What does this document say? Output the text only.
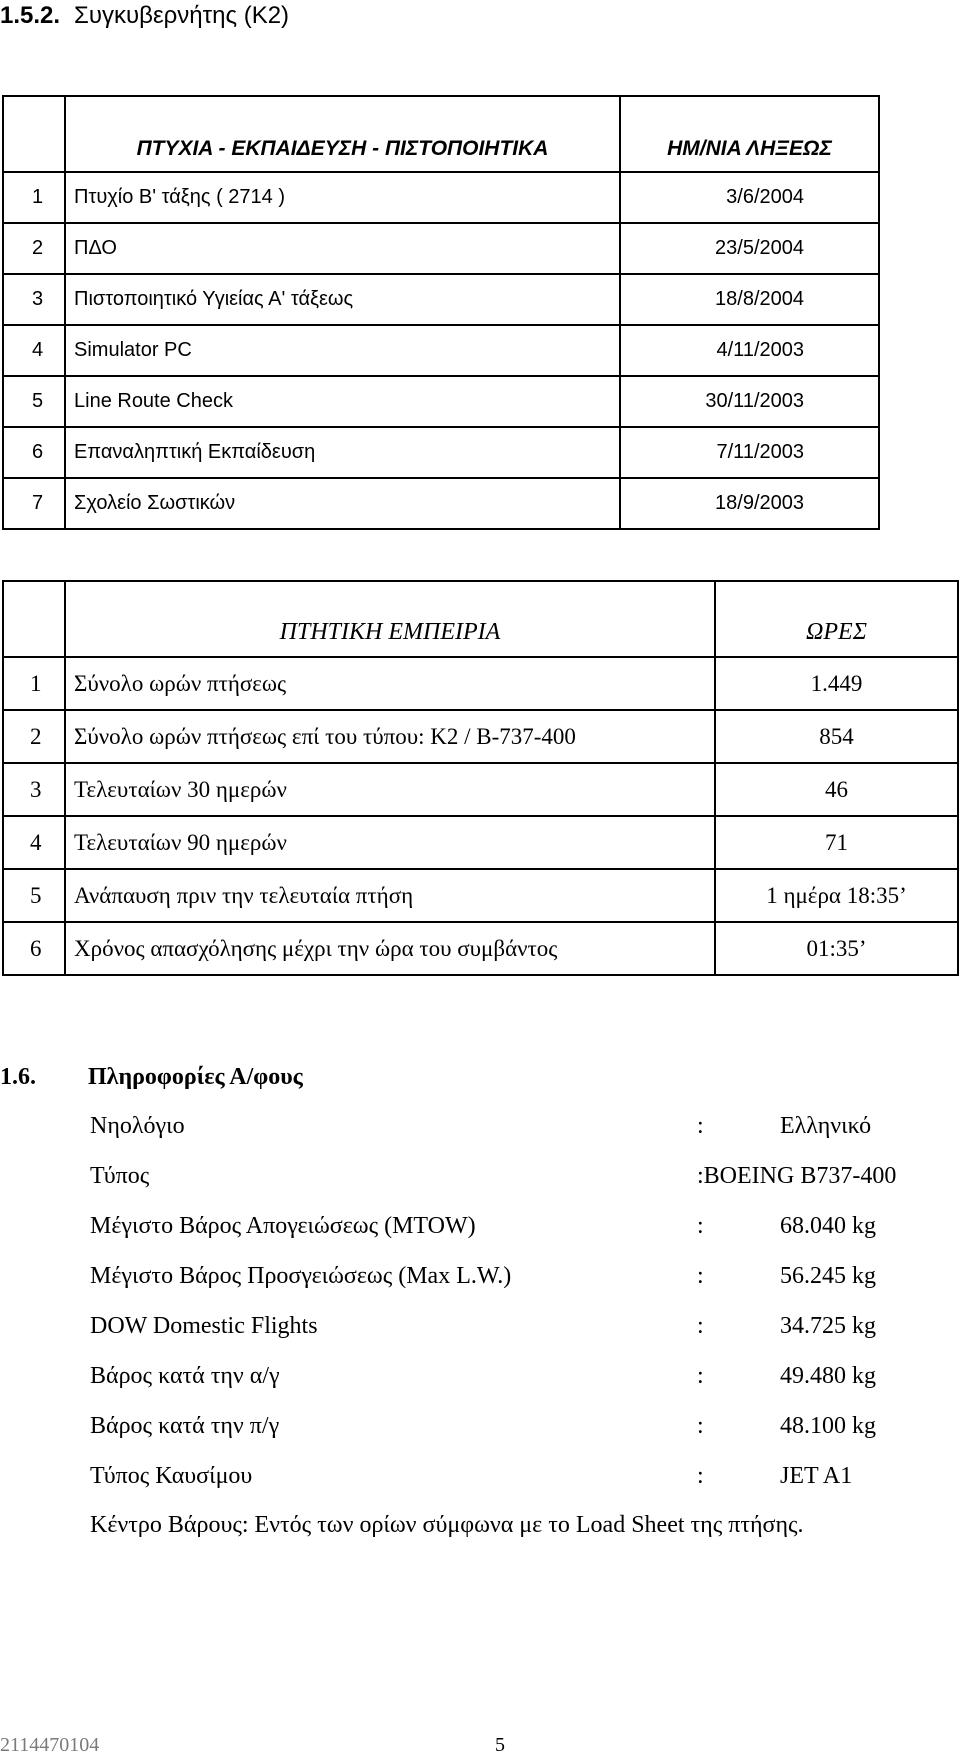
1.5.2. Συγκυβερνήτης (Κ2)
	ΠΤΥΧΙΑ - ΕΚΠΑΙΔΕΥΣΗ - ΠΙΣΤΟΠΟΙΗΤΙΚΑ	ΗΜ/ΝΙΑ ΛΗΞΕΩΣ
1	Πτυχίο Β' τάξης ( 2714 )	3/6/2004
2	ΠΔΟ	23/5/2004
3	Πιστοποιητικό Υγιείας Α' τάξεως	18/8/2004
4	Simulator PC	4/11/2003
5	Line Route Check	30/11/2003
6	Επαναληπτική Εκπαίδευση	7/11/2003
7	Σχολείο Σωστικών	18/9/2003
	ΠΤΗΤΙΚΗ ΕΜΠΕΙΡΙΑ	ΩΡΕΣ
1	Σύνολο ωρών πτήσεως	1.449
2	Σύνολο ωρών πτήσεως επί του τύπου: Κ2 / Β-737-400	854
3	Τελευταίων 30 ημερών	46
4	Τελευταίων 90 ημερών	71
5	Ανάπαυση πριν την τελευταία πτήση	1 ημέρα 18:35’
6	Χρόνος απασχόλησης μέχρι την ώρα του συμβάντος	01:35’
1.6. Πληροφορίες Α/φους
Νηολόγιο	:	Ελληνικό
Τύπος	:BOEING B737-400
Μέγιστο Βάρος Απογειώσεως (MTOW)	:	68.040 kg
Μέγιστο Βάρος Προσγειώσεως (Max L.W.)	:	56.245 kg
DOW Domestic Flights	:	34.725 kg
Βάρος κατά την α/γ	:	49.480 kg
Βάρος κατά την π/γ	:	48.100 kg
Τύπος Καυσίμου	:	JET A1
Κέντρο Βάρους: Εντός των ορίων σύμφωνα με το Load Sheet της πτήσης.
2114470104	5
